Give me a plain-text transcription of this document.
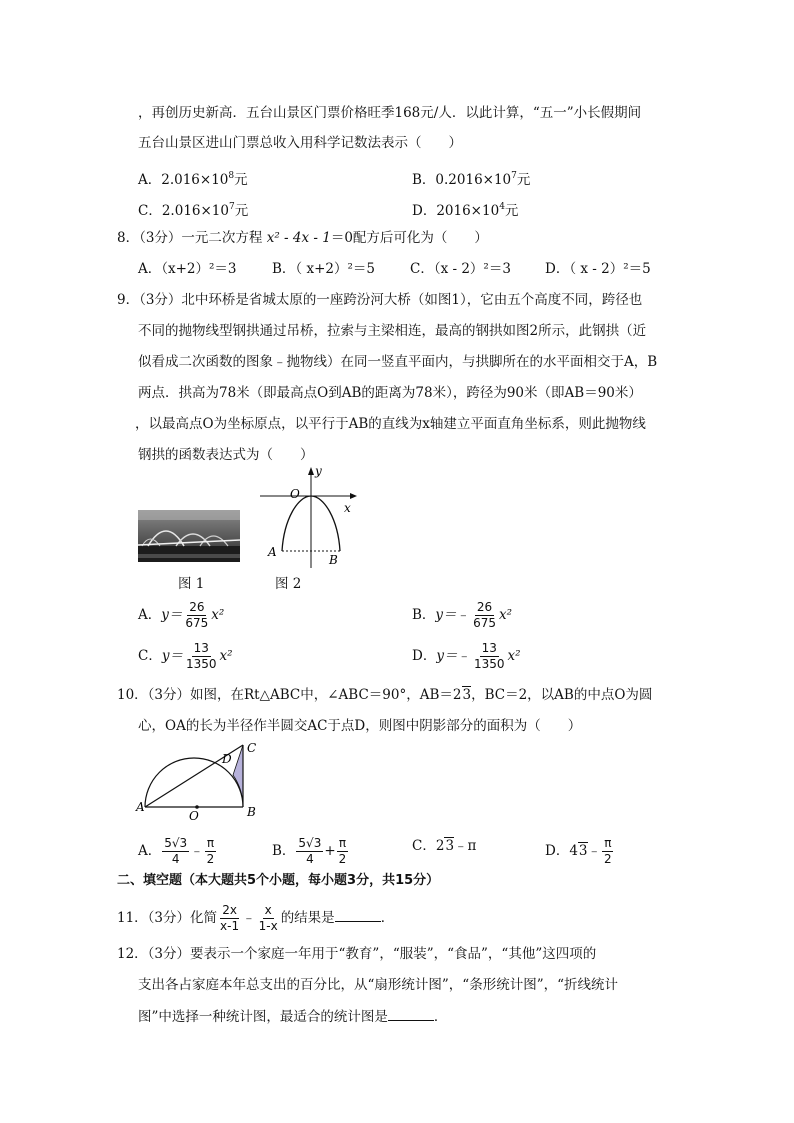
，再创历史新高．五台山景区门票价格旺季168元/人．以此计算，“五一”小长假期间
五台山景区进山门票总收入用科学记数法表示（　　）
A．$2.016\times 10^8$元	B．$0.2016\times 10^7$元
C．$2.016\times 10^7$元	D．$2016\times 10^4$元
8．（3分）一元二次方程 x² - 4x - 1＝0配方后可化为（　　）
A．（x+2）²＝3	B．（ x+2）²＝5	C．（x - 2）²＝3	D．（ x - 2）²＝5
9．（3分）北中环桥是省城太原的一座跨汾河大桥（如图1），它由五个高度不同，跨径也
不同的抛物线型钢拱通过吊桥，拉索与主梁相连，最高的钢拱如图2所示，此钢拱（近
似看成二次函数的图象﹣抛物线）在同一竖直平面内，与拱脚所在的水平面相交于A，B
两点．拱高为78米（即最高点O到AB的距离为78米），跨径为90米（即AB＝90米）
，以最高点O为坐标原点，以平行于AB的直线为x轴建立平面直角坐标系，则此抛物线
钢拱的函数表达式为（　　）
图 1
y
x
O
A
B
图 2
A．$y= \frac{26}{675} x^2$	B．y＝﹣ $\frac{26}{675} x^2$
C．$y= \frac{13}{1350} x^2$	D．y＝﹣ $\frac{13}{1350} x^2$
10．（3分）如图，在Rt△ABC中，∠ABC＝90°，AB＝23，BC＝2，以AB的中点O为圆
心，OA的长为半径作半圆交AC于点D，则图中阴影部分的面积为（　　）
A	B
C
D
O
A． $\frac{5√3}{4}$ ﹣ $\frac{\pi}{2}$	B． $\frac{5√3}{4} + \frac{\pi}{2}$	C．23﹣π	D．43﹣ $\frac{\pi}{2}$
二、填空题（本大题共5个小题，每小题3分，共15分）
11．（3分）化简 $\frac{2x}{x-1}$ ﹣ $\frac{x}{1-x}$ 的结果是	．
12．（3分）要表示一个家庭一年用于“教育”，“服装”，“食品”，“其他”这四项的
支出各占家庭本年总支出的百分比，从“扇形统计图”，“条形统计图”，“折线统计
图”中选择一种统计图，最适合的统计图是	．
